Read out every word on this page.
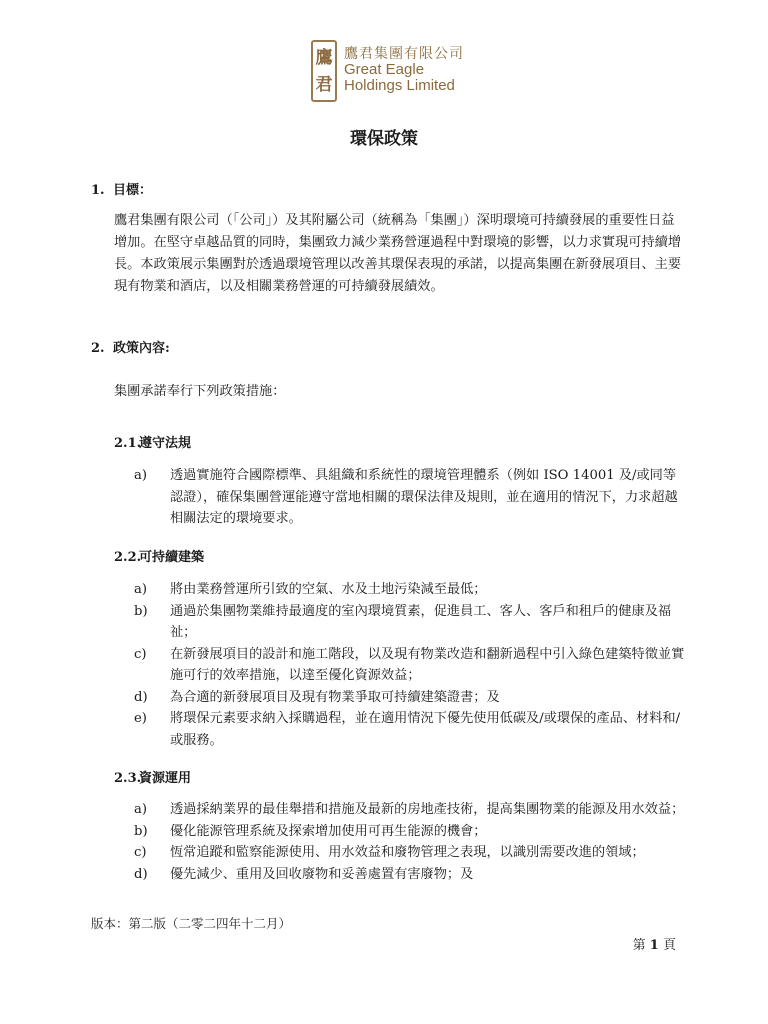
鷹
君
鷹君集團有限公司
Great Eagle
Holdings Limited
環保政策

1. 目標：

鷹君集團有限公司（「公司」）及其附屬公司（統稱為「集團」）深明環境可持續發展的重要性日益增加。在堅守卓越品質的同時，集團致力減少業務營運過程中對環境的影響，以力求實現可持續增長。本政策展示集團對於透過環境管理以改善其環保表現的承諾，以提高集團在新發展項目、主要現有物業和酒店，以及相關業務營運的可持續發展績效。

2. 政策內容:

集團承諾奉行下列政策措施：

2.1.遵守法規

a) 透過實施符合國際標準、具組織和系統性的環境管理體系（例如 ISO 14001 及/或同等認證），確保集團營運能遵守當地相關的環保法律及規則，並在適用的情況下，力求超越相關法定的環境要求。

2.2.可持續建築

a) 將由業務營運所引致的空氣、水及土地污染減至最低；
b) 通過於集團物業維持最適度的室內環境質素，促進員工、客人、客戶和租戶的健康及福祉；
c) 在新發展項目的設計和施工階段，以及現有物業改造和翻新過程中引入綠色建築特徵並實施可行的效率措施，以達至優化資源效益；
d) 為合適的新發展項目及現有物業爭取可持續建築證書；及
e) 將環保元素要求納入採購過程，並在適用情況下優先使用低碳及/或環保的產品、材料和/或服務。

2.3.資源運用

a) 透過採納業界的最佳舉措和措施及最新的房地產技術，提高集團物業的能源及用水效益；
b) 優化能源管理系統及探索增加使用可再生能源的機會；
c) 恆常追蹤和監察能源使用、用水效益和廢物管理之表現，以識別需要改進的領域；
d) 優先減少、重用及回收廢物和妥善處置有害廢物；及

版本：第二版（二零二四年十二月）

第 1 頁
